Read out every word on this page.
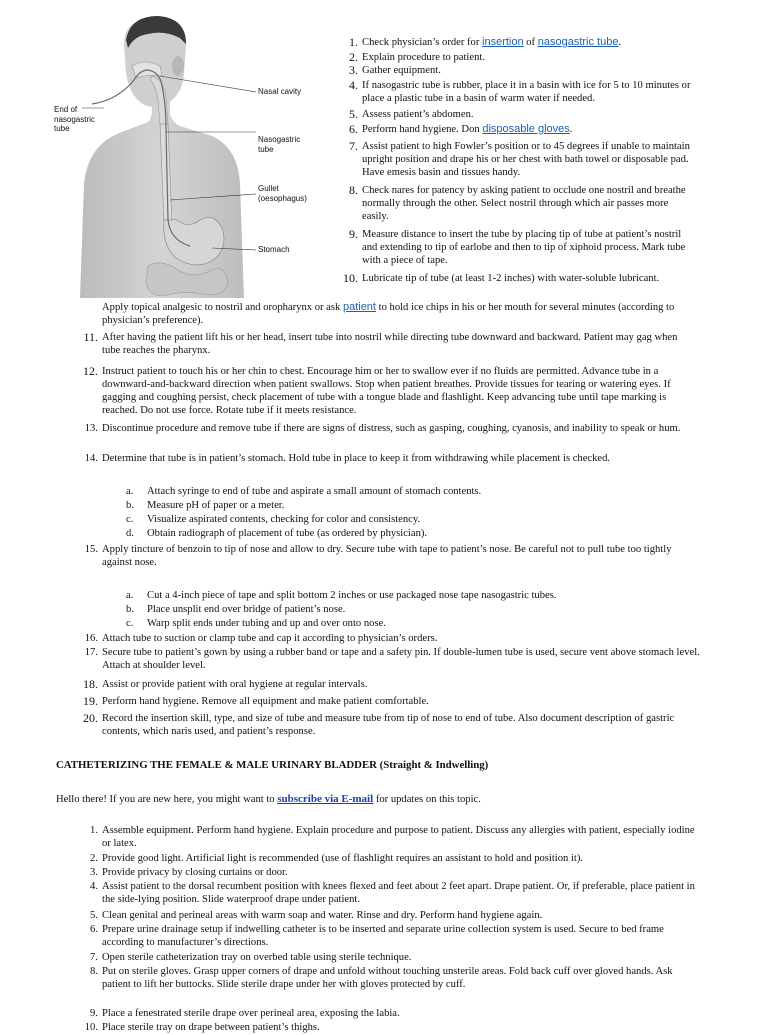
End of
nasogastric
tube
Nasal cavity
Nasogastric
tube
Gullet
(oesophagus)
Stomach
1. Check physician’s order for insertion of nasogastric tube.
2. Explain procedure to patient.
3. Gather equipment.
4. If nasogastric tube is rubber, place it in a basin with ice for 5 to 10 minutes or place a plastic tube in a basin of warm water if needed.
5. Assess patient’s abdomen.
6. Perform hand hygiene. Don disposable gloves.
7. Assist patient to high Fowler’s position or to 45 degrees if unable to maintain upright position and drape his or her chest with bath towel or disposable pad. Have emesis basin and tissues handy.
8. Check nares for patency by asking patient to occlude one nostril and breathe normally through the other. Select nostril through which air passes more easily.
9. Measure distance to insert the tube by placing tip of tube at patient’s nostril and extending to tip of earlobe and then to tip of xiphoid process. Mark tube with a piece of tape.
10. Lubricate tip of tube (at least 1-2 inches) with water-soluble lubricant.
Apply topical analgesic to nostril and oropharynx or ask patient to hold ice chips in his or her mouth for several minutes (according to physician’s preference).
11. After having the patient lift his or her head, insert tube into nostril while directing tube downward and backward. Patient may gag when tube reaches the pharynx.
12. Instruct patient to touch his or her chin to chest. Encourage him or her to swallow ever if no fluids are permitted. Advance tube in a downward-and-backward direction when patient swallows. Stop when patient breathes. Provide tissues for tearing or watering eyes. If gagging and coughing persist, check placement of tube with a tongue blade and flashlight. Keep advancing tube until tape marking is reached. Do not use force. Rotate tube if it meets resistance.
13. Discontinue procedure and remove tube if there are signs of distress, such as gasping, coughing, cyanosis, and inability to speak or hum.
14. Determine that tube is in patient’s stomach. Hold tube in place to keep it from withdrawing while placement is checked.
a.	Attach syringe to end of tube and aspirate a small amount of stomach contents.
b.	Measure pH of paper or a meter.
c.	Visualize aspirated contents, checking for color and consistency.
d.	Obtain radiograph of placement of tube (as ordered by physician).
15. Apply tincture of benzoin to tip of nose and allow to dry. Secure tube with tape to patient’s nose. Be careful not to pull tube too tightly against nose.
a.	Cut a 4-inch piece of tape and split bottom 2 inches or use packaged nose tape nasogastric tubes.
b.	Place unsplit end over bridge of patient’s nose.
c.	Warp split ends under tubing and up and over onto nose.
16. Attach tube to suction or clamp tube and cap it according to physician’s orders.
17. Secure tube to patient’s gown by using a rubber band or tape and a safety pin. If double-lumen tube is used, secure vent above stomach level. Attach at shoulder level.
18. Assist or provide patient with oral hygiene at regular intervals.
19. Perform hand hygiene. Remove all equipment and make patient comfortable.
20. Record the insertion skill, type, and size of tube and measure tube from tip of nose to end of tube. Also document description of gastric contents, which naris used, and patient’s response.
CATHETERIZING THE FEMALE & MALE URINARY BLADDER (Straight & Indwelling)
Hello there! If you are new here, you might want to subscribe via E-mail for updates on this topic.
1. Assemble equipment. Perform hand hygiene. Explain procedure and purpose to patient. Discuss any allergies with patient, especially iodine or latex.
2. Provide good light. Artificial light is recommended (use of flashlight requires an assistant to hold and position it).
3. Provide privacy by closing curtains or door.
4. Assist patient to the dorsal recumbent position with knees flexed and feet about 2 feet apart. Drape patient. Or, if preferable, place patient in the side-lying position. Slide waterproof drape under patient.
5. Clean genital and perineal areas with warm soap and water. Rinse and dry. Perform hand hygiene again.
6. Prepare urine drainage setup if indwelling catheter is to be inserted and separate urine collection system is used. Secure to bed frame according to manufacturer’s directions.
7. Open sterile catheterization tray on overbed table using sterile technique.
8. Put on sterile gloves. Grasp upper corners of drape and unfold without touching unsterile areas. Fold back cuff over gloved hands. Ask patient to lift her buttocks. Slide sterile drape under her with gloves protected by cuff.
9. Place a fenestrated sterile drape over perineal area, exposing the labia.
10. Place sterile tray on drape between patient’s thighs.
